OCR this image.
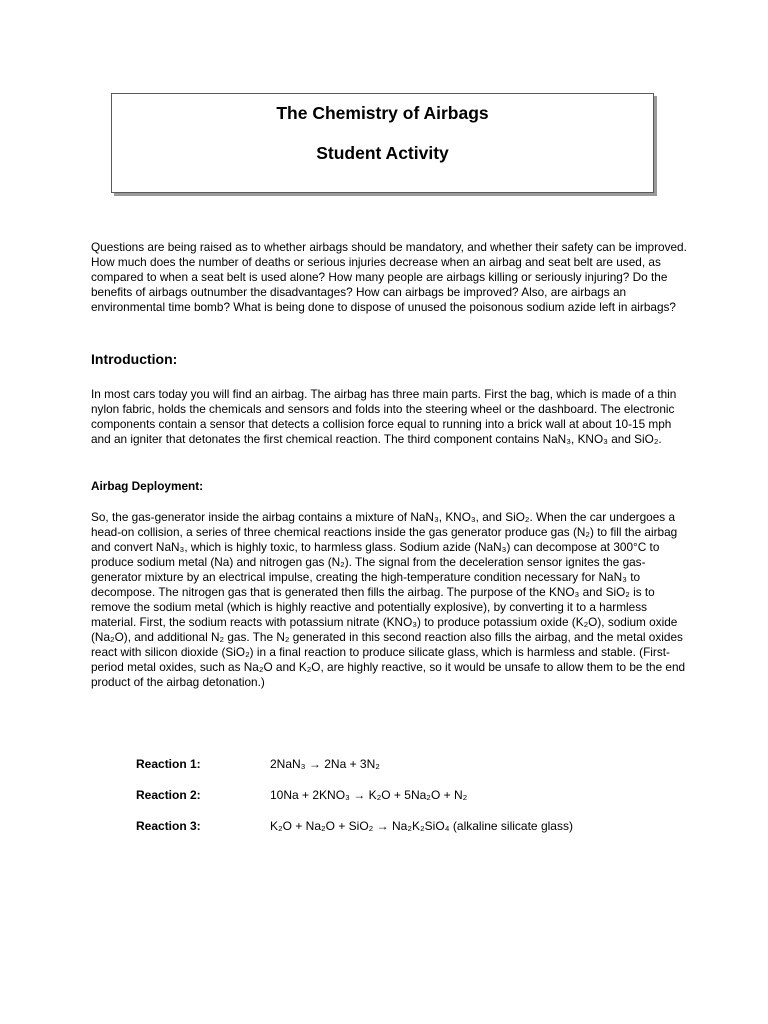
The Chemistry of Airbags
Student Activity

Questions are being raised as to whether airbags should be mandatory, and whether their safety can be improved. How much does the number of deaths or serious injuries decrease when an airbag and seat belt are used, as compared to when a seat belt is used alone? How many people are airbags killing or seriously injuring? Do the benefits of airbags outnumber the disadvantages? How can airbags be improved? Also, are airbags an environmental time bomb? What is being done to dispose of unused the poisonous sodium azide left in airbags?

Introduction:

In most cars today you will find an airbag. The airbag has three main parts. First the bag, which is made of a thin nylon fabric, holds the chemicals and sensors and folds into the steering wheel or the dashboard. The electronic components contain a sensor that detects a collision force equal to running into a brick wall at about 10-15 mph and an igniter that detonates the first chemical reaction. The third component contains NaN₃, KNO₃ and SiO₂.

Airbag Deployment:

So, the gas-generator inside the airbag contains a mixture of NaN₃, KNO₃, and SiO₂. When the car undergoes a head-on collision, a series of three chemical reactions inside the gas generator produce gas (N₂) to fill the airbag and convert NaN₃, which is highly toxic, to harmless glass. Sodium azide (NaN₃) can decompose at 300°C to produce sodium metal (Na) and nitrogen gas (N₂). The signal from the deceleration sensor ignites the gas-generator mixture by an electrical impulse, creating the high-temperature condition necessary for NaN₃ to decompose. The nitrogen gas that is generated then fills the airbag. The purpose of the KNO₃ and SiO₂ is to remove the sodium metal (which is highly reactive and potentially explosive), by converting it to a harmless material. First, the sodium reacts with potassium nitrate (KNO₃) to produce potassium oxide (K₂O), sodium oxide (Na₂O), and additional N₂ gas. The N₂ generated in this second reaction also fills the airbag, and the metal oxides react with silicon dioxide (SiO₂) in a final reaction to produce silicate glass, which is harmless and stable. (First-period metal oxides, such as Na₂O and K₂O, are highly reactive, so it would be unsafe to allow them to be the end product of the airbag detonation.)

Reaction 1:	2NaN₃ → 2Na + 3N₂
Reaction 2:	10Na + 2KNO₃ → K₂O + 5Na₂O + N₂
Reaction 3:	K₂O + Na₂O + SiO₂ → Na₂K₂SiO₄ (alkaline silicate glass)
